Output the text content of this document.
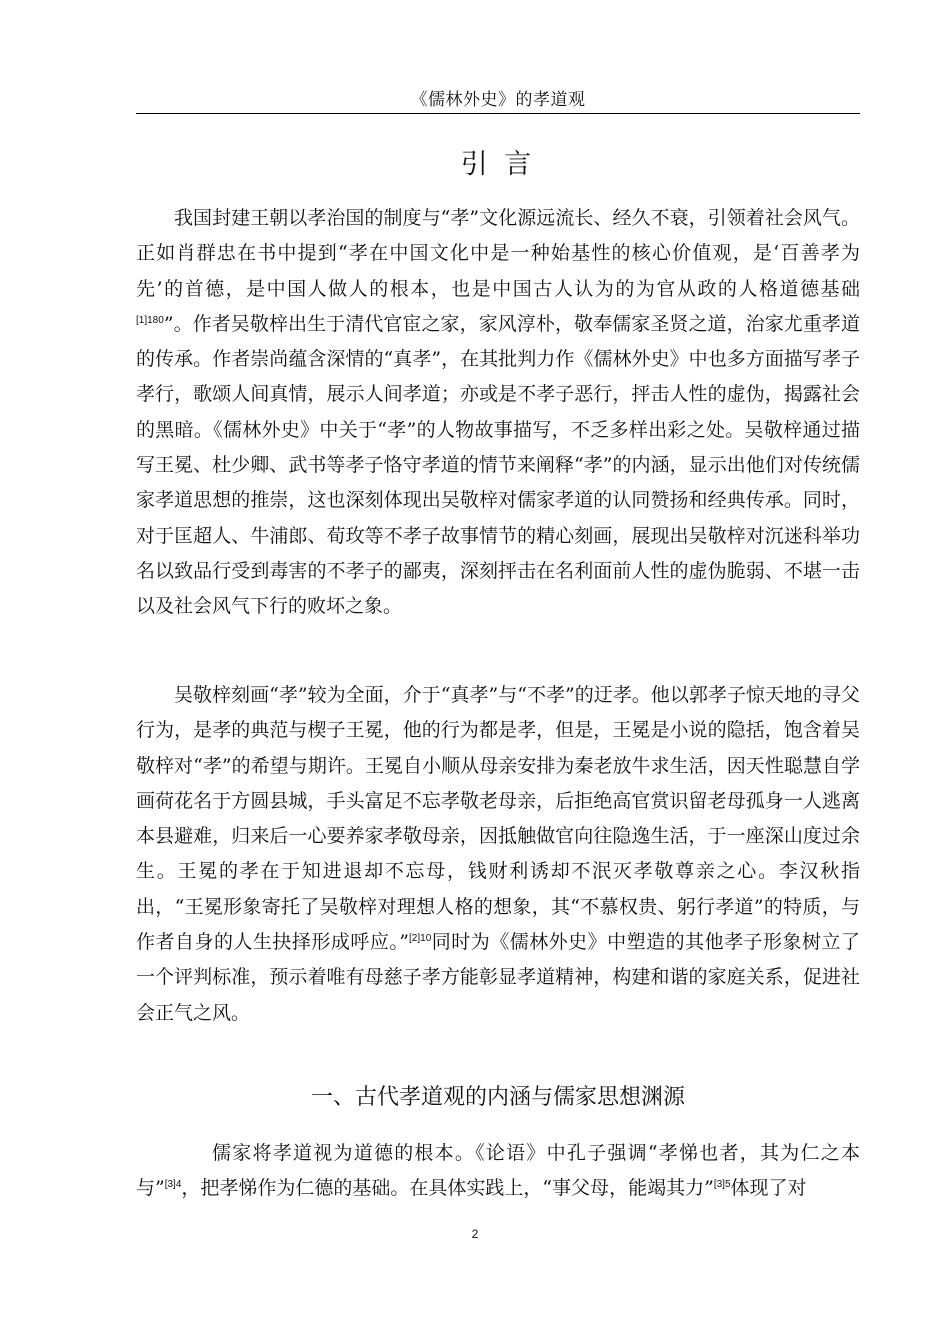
《儒林外史》的孝道观
引 言

我国封建王朝以孝治国的制度与“孝”文化源远流长、经久不衰，引领着社会风气。正如肖群忠在书中提到“孝在中国文化中是一种始基性的核心价值观，是‘百善孝为先’的首德，是中国人做人的根本，也是中国古人认为的为官从政的人格道德基础$^{[1]180}$”。作者吴敬梓出生于清代官宦之家，家风淳朴，敬奉儒家圣贤之道，治家尤重孝道的传承。作者崇尚蕴含深情的“真孝”，在其批判力作《儒林外史》中也多方面描写孝子孝行，歌颂人间真情，展示人间孝道；亦或是不孝子恶行，抨击人性的虚伪，揭露社会的黑暗。《儒林外史》中关于“孝”的人物故事描写，不乏多样出彩之处。吴敬梓通过描写王冕、杜少卿、武书等孝子恪守孝道的情节来阐释“孝”的内涵，显示出他们对传统儒家孝道思想的推崇，这也深刻体现出吴敬梓对儒家孝道的认同赞扬和经典传承。同时，对于匡超人、牛浦郎、荀玫等不孝子故事情节的精心刻画，展现出吴敬梓对沉迷科举功名以致品行受到毒害的不孝子的鄙夷，深刻抨击在名利面前人性的虚伪脆弱、不堪一击以及社会风气下行的败坏之象。

吴敬梓刻画“孝”较为全面，介于“真孝”与“不孝”的迂孝。他以郭孝子惊天地的寻父行为，是孝的典范与楔子王冕，他的行为都是孝，但是，王冕是小说的隐括，饱含着吴敬梓对“孝”的希望与期许。王冕自小顺从母亲安排为秦老放牛求生活，因天性聪慧自学画荷花名于方圆县城，手头富足不忘孝敬老母亲，后拒绝高官赏识留老母孤身一人逃离本县避难，归来后一心要养家孝敬母亲，因抵触做官向往隐逸生活，于一座深山度过余生。王冕的孝在于知进退却不忘母，钱财利诱却不泯灭孝敬尊亲之心。李汉秋指出，“王冕形象寄托了吴敬梓对理想人格的想象，其“不慕权贵、躬行孝道”的特质，与作者自身的人生抉择形成呼应。”$^{[2]10}$同时为《儒林外史》中塑造的其他孝子形象树立了一个评判标准，预示着唯有母慈子孝方能彰显孝道精神，构建和谐的家庭关系，促进社会正气之风。

一、古代孝道观的内涵与儒家思想渊源

儒家将孝道视为道德的根本。《论语》中孔子强调“孝悌也者，其为仁之本与”$^{[3]4}$，把孝悌作为仁德的基础。在具体实践上，“事父母，能竭其力”$^{[3]5}$体现了对

2
